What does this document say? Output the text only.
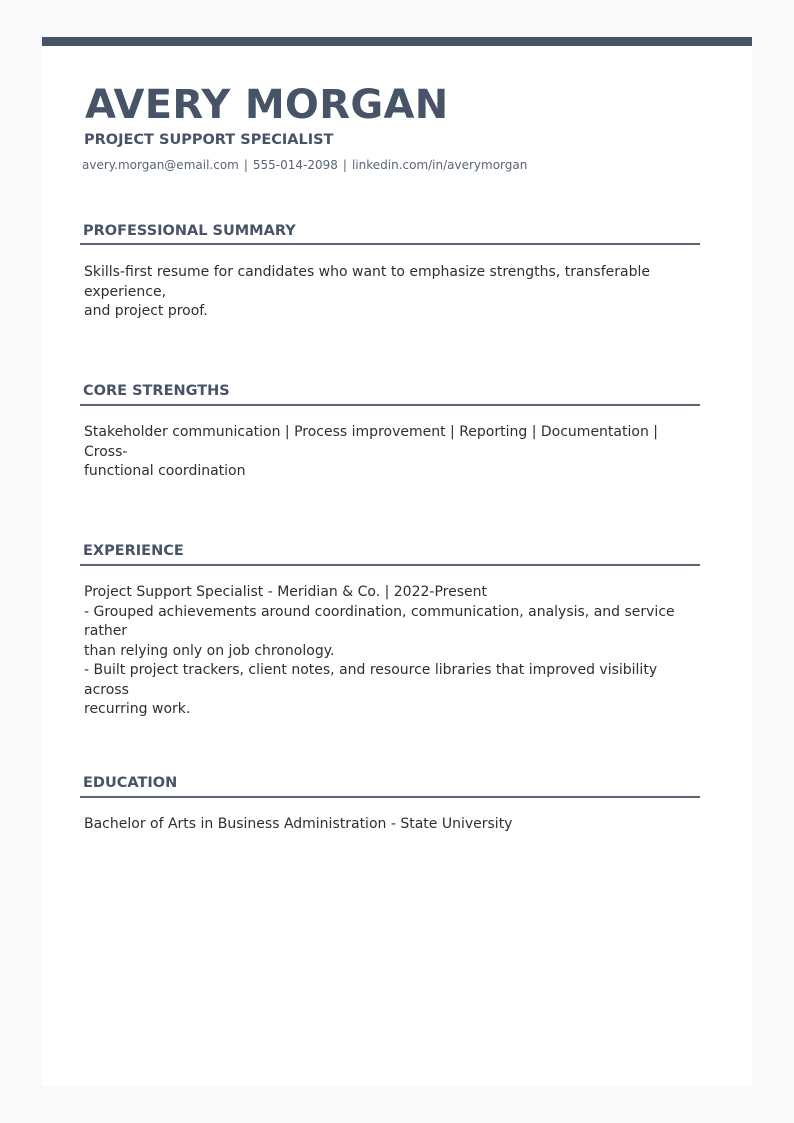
AVERY MORGAN
PROJECT SUPPORT SPECIALIST
avery.morgan@email.com | 555-014-2098 | linkedin.com/in/averymorgan
PROFESSIONAL SUMMARY
Skills-first resume for candidates who want to emphasize strengths, transferable experience,
and project proof.
CORE STRENGTHS
Stakeholder communication | Process improvement | Reporting | Documentation | Cross-
functional coordination
EXPERIENCE
Project Support Specialist - Meridian & Co. | 2022-Present
- Grouped achievements around coordination, communication, analysis, and service rather
than relying only on job chronology.
- Built project trackers, client notes, and resource libraries that improved visibility across
recurring work.
EDUCATION
Bachelor of Arts in Business Administration - State University
